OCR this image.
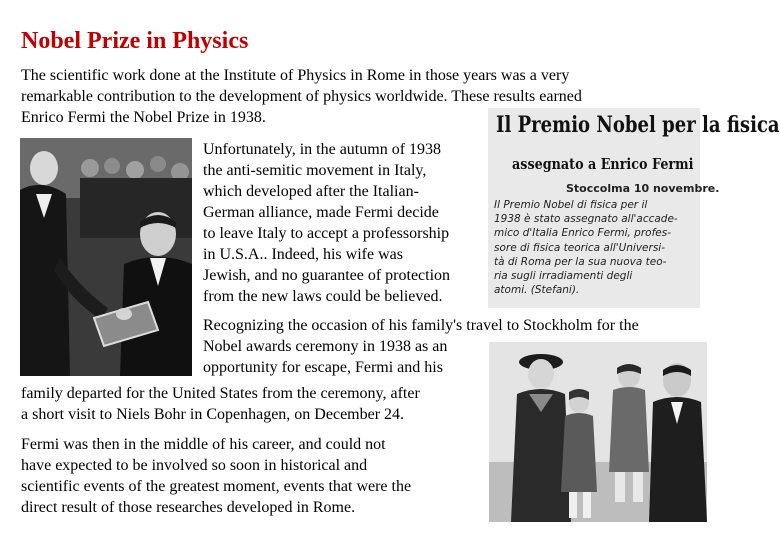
Nobel Prize in Physics

The scientific work done at the Institute of Physics in Rome in those years was a very
remarkable contribution to the development of physics worldwide. These results earned
Enrico Fermi the Nobel Prize in 1938.	Il Premio Nobel per la fisica

assegnato a Enrico Fermi

Stoccolma 10 novembre.

Il Premio Nobel di fisica per il
1938 è stato assegnato all'accade-
mico d'Italia Enrico Fermi, profes-
sore di fisica teorica all'Universi-
tà di Roma per la sua nuova teo-
ria sugli irradiamenti degli
atomi. (Stefani).

Unfortunately, in the autumn of 1938
the anti-semitic movement in Italy,
which developed after the Italian-
German alliance, made Fermi decide
to leave Italy to accept a professorship
in U.S.A.. Indeed, his wife was
Jewish, and no guarantee of protection
from the new laws could be believed.

Recognizing the occasion of his family's travel to Stockholm for the
Nobel awards ceremony in 1938 as an
opportunity for escape, Fermi and his

family departed for the United States from the ceremony, after
a short visit to Niels Bohr in Copenhagen, on December 24.

Fermi was then in the middle of his career, and could not
have expected to be involved so soon in historical and
scientific events of the greatest moment, events that were the
direct result of those researches developed in Rome.
